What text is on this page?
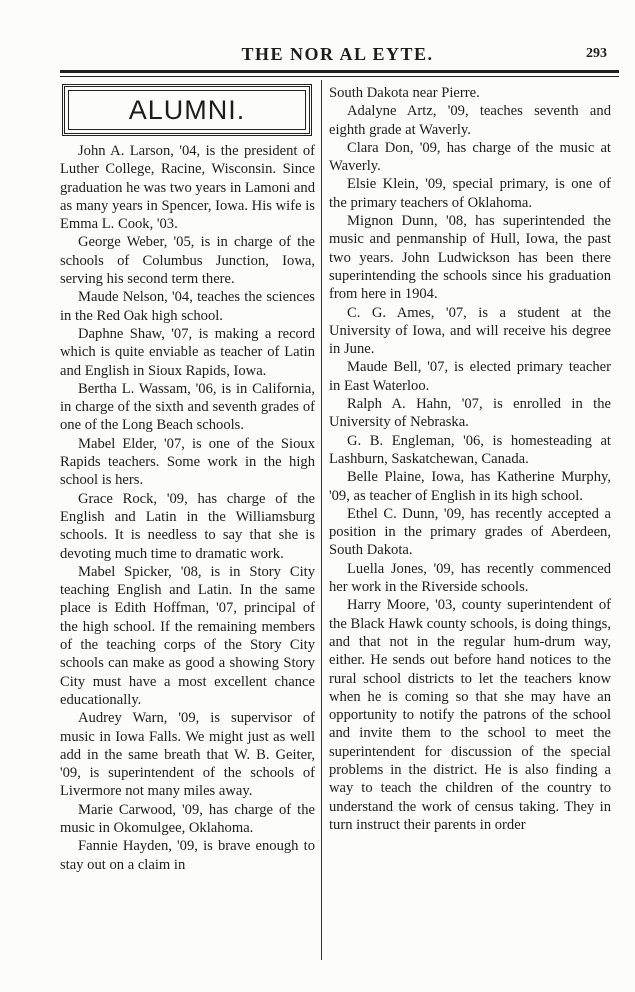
THE NOR AL EYTE.	293
ALUMNI.

John A. Larson, '04, is the president of Luther College, Racine, Wisconsin. Since graduation he was two years in Lamoni and as many years in Spencer, Iowa. His wife is Emma L. Cook, '03.

George Weber, '05, is in charge of the schools of Columbus Junction, Iowa, serving his second term there.

Maude Nelson, '04, teaches the sciences in the Red Oak high school.

Daphne Shaw, '07, is making a record which is quite enviable as teacher of Latin and English in Sioux Rapids, Iowa.

Bertha L. Wassam, '06, is in California, in charge of the sixth and seventh grades of one of the Long Beach schools.

Mabel Elder, '07, is one of the Sioux Rapids teachers. Some work in the high school is hers.

Grace Rock, '09, has charge of the English and Latin in the Williamsburg schools. It is needless to say that she is devoting much time to dramatic work.

Mabel Spicker, '08, is in Story City teaching English and Latin. In the same place is Edith Hoffman, '07, principal of the high school. If the remaining members of the teaching corps of the Story City schools can make as good a showing Story City must have a most excellent chance educationally.

Audrey Warn, '09, is supervisor of music in Iowa Falls. We might just as well add in the same breath that W. B. Geiter, '09, is superintendent of the schools of Livermore not many miles away.

Marie Carwood, '09, has charge of the music in Okomulgee, Oklahoma.

Fannie Hayden, '09, is brave enough to stay out on a claim in

South Dakota near Pierre.

Adalyne Artz, '09, teaches seventh and eighth grade at Waverly.

Clara Don, '09, has charge of the music at Waverly.

Elsie Klein, '09, special primary, is one of the primary teachers of Oklahoma.

Mignon Dunn, '08, has superintended the music and penmanship of Hull, Iowa, the past two years. John Ludwickson has been there superintending the schools since his graduation from here in 1904.

C. G. Ames, '07, is a student at the University of Iowa, and will receive his degree in June.

Maude Bell, '07, is elected primary teacher in East Waterloo.

Ralph A. Hahn, '07, is enrolled in the University of Nebraska.

G. B. Engleman, '06, is homesteading at Lashburn, Saskatchewan, Canada.

Belle Plaine, Iowa, has Katherine Murphy, '09, as teacher of English in its high school.

Ethel C. Dunn, '09, has recently accepted a position in the primary grades of Aberdeen, South Dakota.

Luella Jones, '09, has recently commenced her work in the Riverside schools.

Harry Moore, '03, county superintendent of the Black Hawk county schools, is doing things, and that not in the regular hum-drum way, either. He sends out before hand notices to the rural school districts to let the teachers know when he is coming so that she may have an opportunity to notify the patrons of the school and invite them to the school to meet the superintendent for discussion of the special problems in the district. He is also finding a way to teach the children of the country to understand the work of census taking. They in turn instruct their parents in order
